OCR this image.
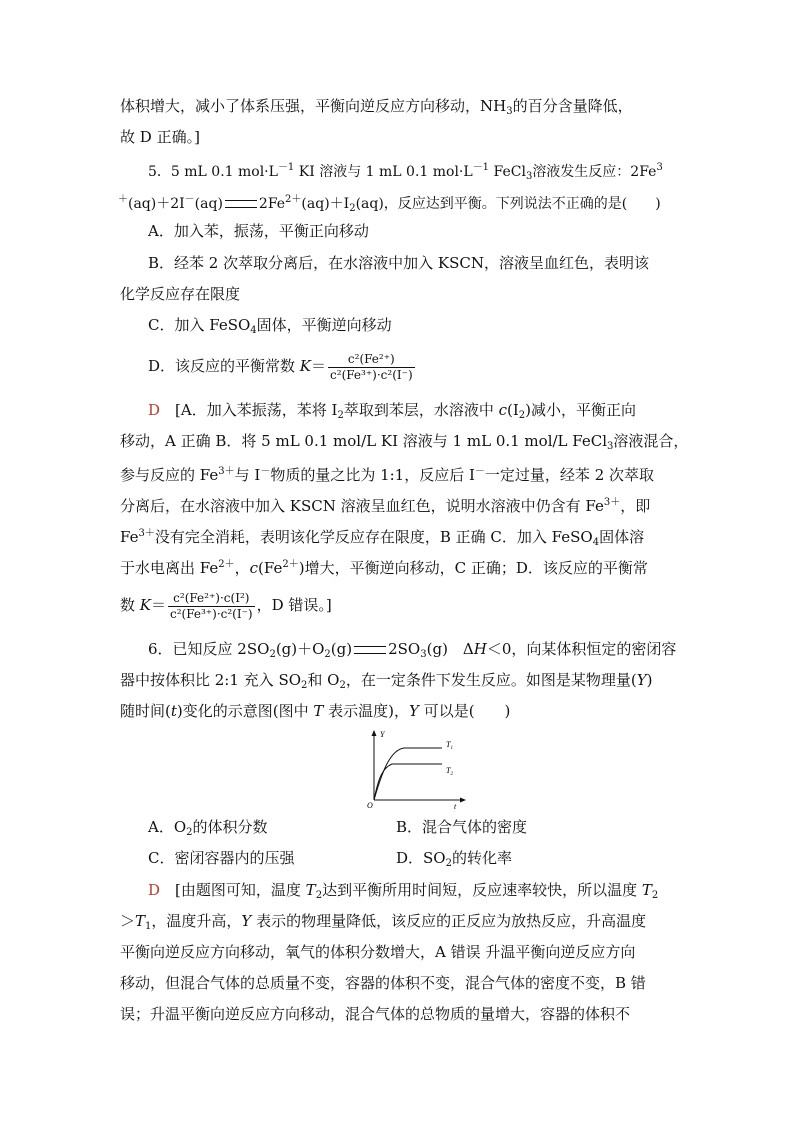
体积增大，减小了体系压强，平衡向逆反应方向移动，$NH_3$的百分含量降低，
故 D 正确。]
5．5 mL 0.1 $mol\cdot L^{-1}$ KI 溶液与 1 mL 0.1 $mol\cdot L^{-1}$ FeCl$_3$溶液发生反应：2Fe$^3$
＋(aq)＋2I－(aq)	$2Fe^{2+}(aq)+I_2(aq)$，反应达到平衡。下列说法不正确的是(　　)
A．加入苯，振荡，平衡正向移动
B．经苯 2 次萃取分离后，在水溶液中加入 KSCN，溶液呈血红色，表明该
化学反应存在限度
C．加入 FeSO$_4$固体，平衡逆向移动
D．该反应的平衡常数 $K= \frac{\text{c²(Fe²⁺)}}{\text{c²(Fe³⁺)·c²(I⁻)}}$
D　 [A．加入苯振荡，苯将 $I_2$萃取到苯层，水溶液中 $c(I_2)$减小，平衡正向
移动，A 正确 B．将 5 mL 0.1 mol/L KI 溶液与 1 mL 0.1 mol/L FeCl$_3$溶液混合，
参与反应的 $Fe^{3+}$与 I－物质的量之比为 1:1，反应后 I－一定过量，经苯 2 次萃取
分离后，在水溶液中加入 KSCN 溶液呈血红色，说明水溶液中仍含有 $Fe^{3+}$，即
$Fe^{3+}$没有完全消耗，表明该化学反应存在限度，B 正确 C．加入 FeSO$_4$固体溶
于水电离出 $Fe^{2+}$，$c(Fe^{2+})$增大，平衡逆向移动，C 正确；D．该反应的平衡常
数 $K= \frac{\text{c²(Fe²⁺)·c(I²)}}{\text{c²(Fe³⁺)·c²(I⁻)}}$ ，D 错误。]
6．已知反应 $2SO_2(g)+O_2(g)$ $2SO_3(g)$　ΔH＜0，向某体积恒定的密闭容
器中按体积比 2:1 充入 $SO_2$和 $O_2$，在一定条件下发生反应。如图是某物理量(Y)
随时间(t)变化的示意图(图中 T 表示温度)，Y 可以是(　　)
Y
t
O
$T_1$
$T_2$
A．$O_2$的体积分数	B．混合气体的密度
C．密闭容器内的压强	D．$SO_2$的转化率
D　 [由题图可知，温度 $T_2$达到平衡所用时间短，反应速率较快，所以温度 $T_2$
$>T_1$，温度升高，Y 表示的物理量降低，该反应的正反应为放热反应，升高温度
平衡向逆反应方向移动，氧气的体积分数增大，A 错误 升温平衡向逆反应方向
移动，但混合气体的总质量不变，容器的体积不变，混合气体的密度不变，B 错
误；升温平衡向逆反应方向移动，混合气体的总物质的量增大，容器的体积不
